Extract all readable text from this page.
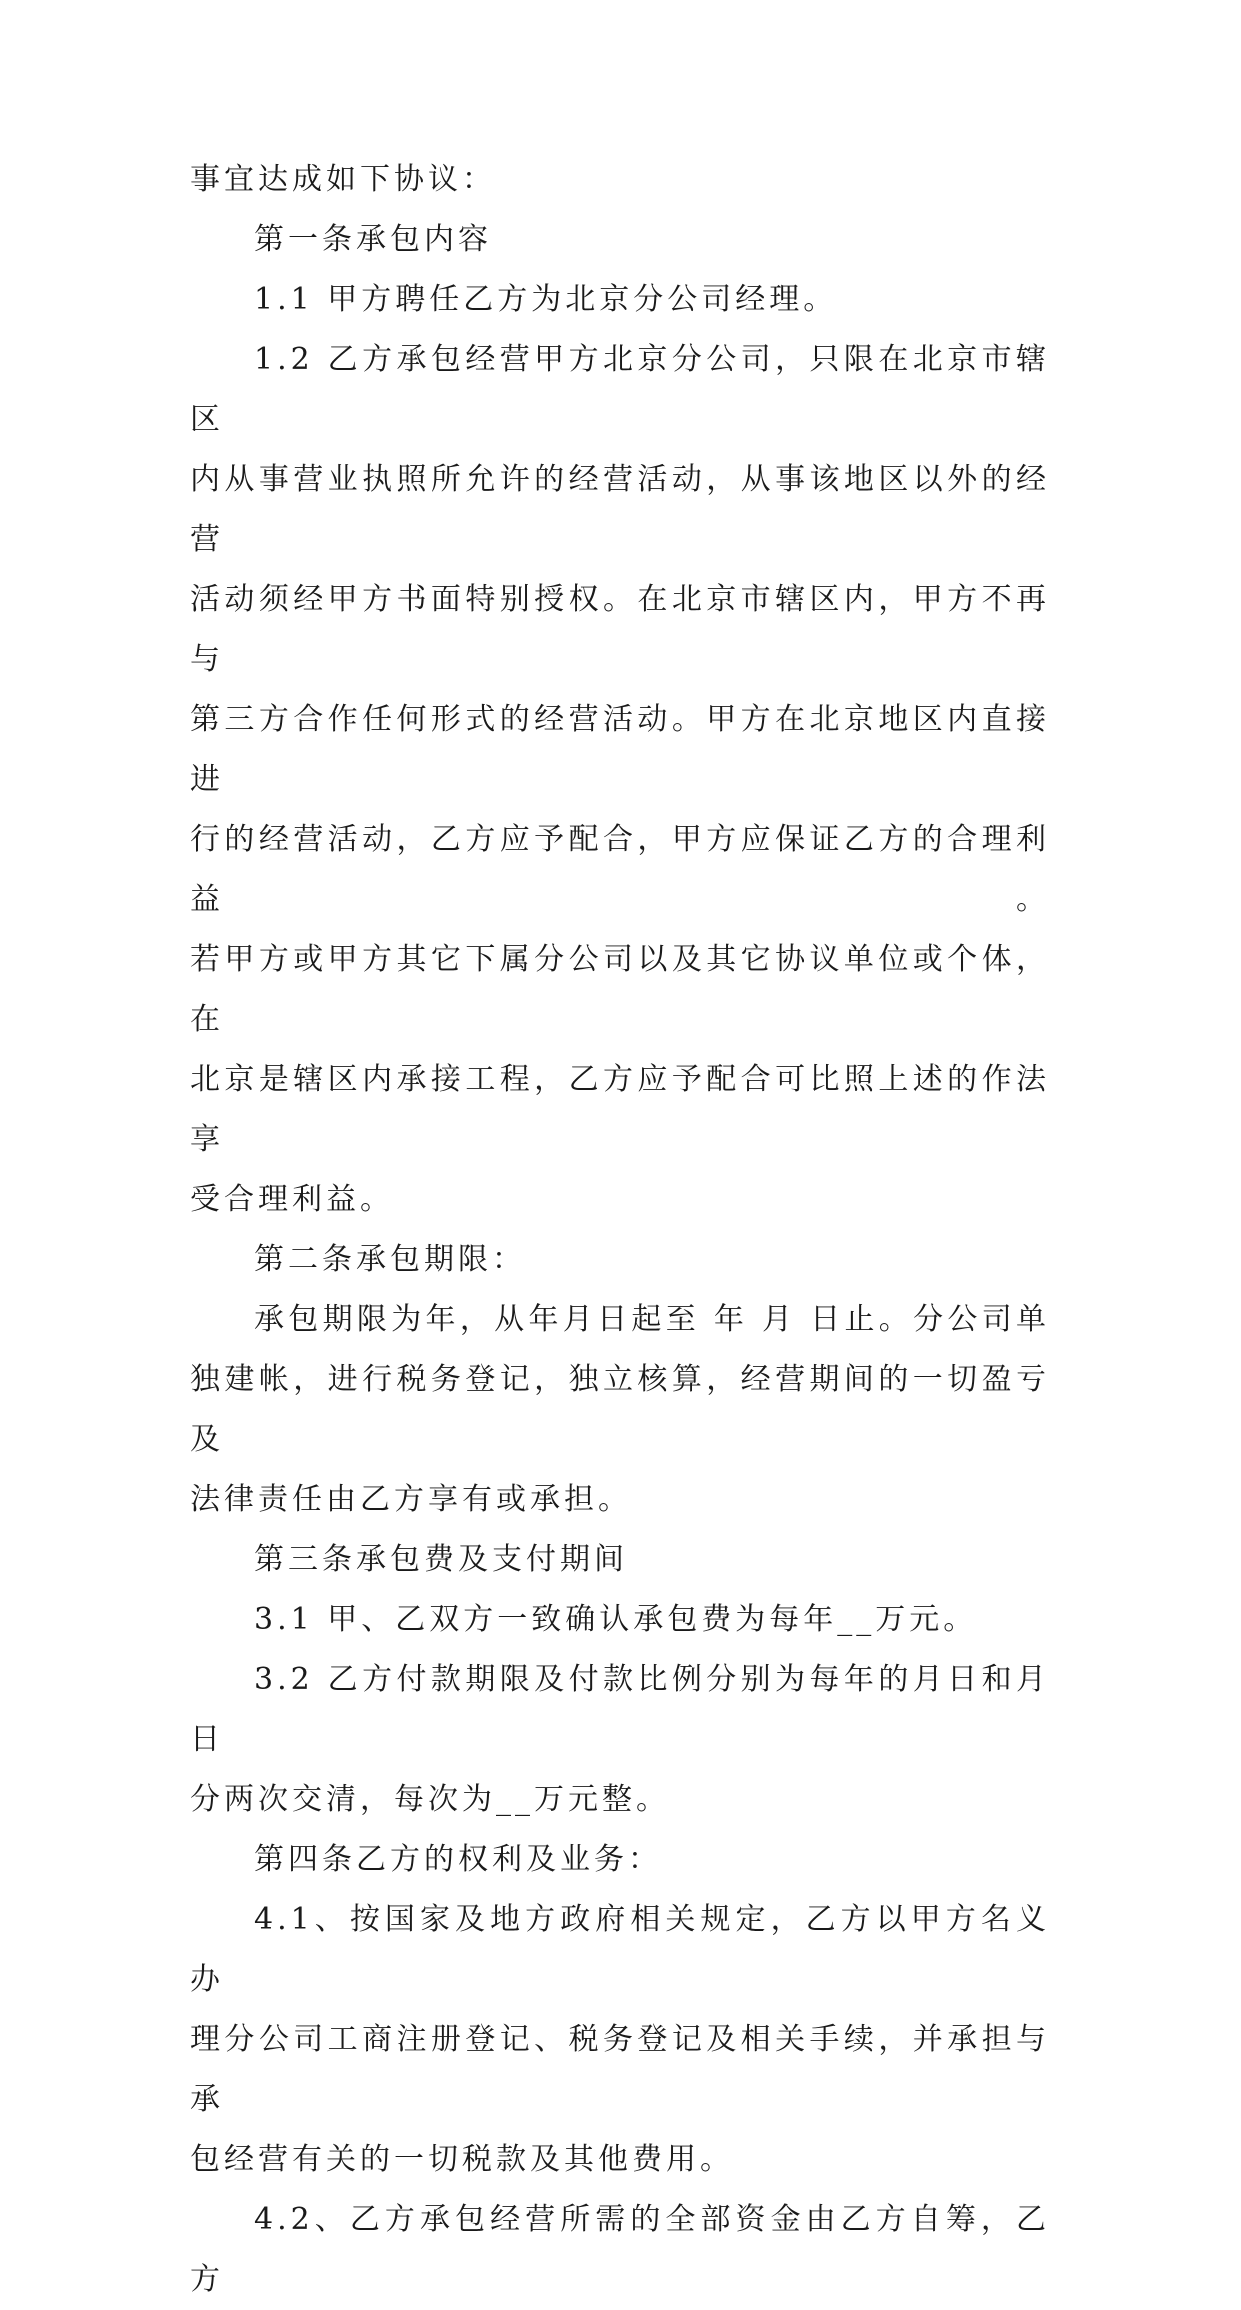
事宜达成如下协议：

第一条承包内容

1.1 甲方聘任乙方为北京分公司经理。

1.2 乙方承包经营甲方北京分公司，只限在北京市辖区
内从事营业执照所允许的经营活动，从事该地区以外的经营
活动须经甲方书面特别授权。在北京市辖区内，甲方不再与
第三方合作任何形式的经营活动。甲方在北京地区内直接进
行的经营活动，乙方应予配合，甲方应保证乙方的合理利益。
若甲方或甲方其它下属分公司以及其它协议单位或个体，在
北京是辖区内承接工程，乙方应予配合可比照上述的作法享
受合理利益。

第二条承包期限：

承包期限为年，从年月日起至 年 月 日止。分公司单
独建帐，进行税务登记，独立核算，经营期间的一切盈亏及
法律责任由乙方享有或承担。

第三条承包费及支付期间

3.1 甲、乙双方一致确认承包费为每年__万元。

3.2 乙方付款期限及付款比例分别为每年的月日和月日
分两次交清，每次为__万元整。

第四条乙方的权利及业务：

4.1、按国家及地方政府相关规定，乙方以甲方名义办
理分公司工商注册登记、税务登记及相关手续，并承担与承
包经营有关的一切税款及其他费用。

4.2、乙方承包经营所需的全部资金由乙方自筹，乙方
